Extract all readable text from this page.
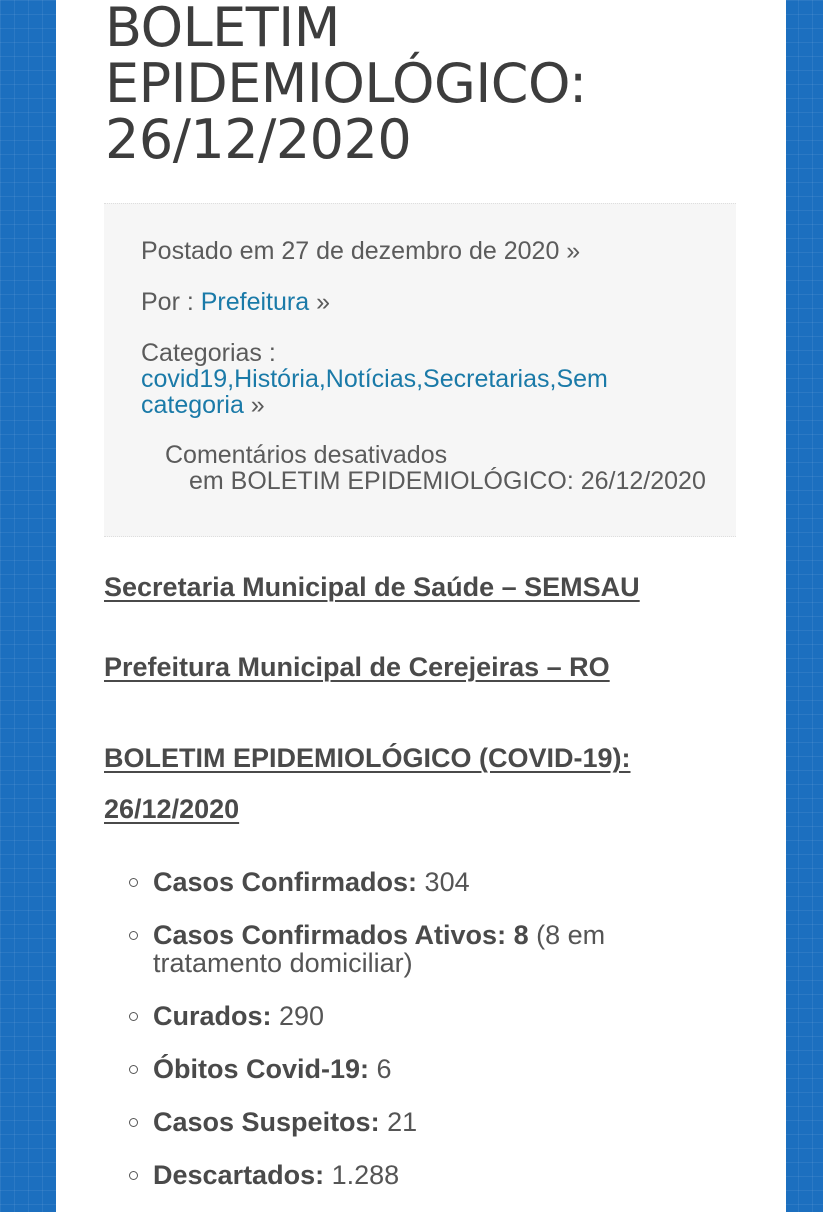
BOLETIM
EPIDEMIOLÓGICO:
26/12/2020
Postado em 27 de dezembro de 2020 »
Por : Prefeitura »
Categorias :
covid19,História,Notícias,Secretarias,Sem
categoria »
Comentários desativados
em BOLETIM EPIDEMIOLÓGICO: 26/12/2020

Secretaria Municipal de Saúde – SEMSAU

Prefeitura Municipal de Cerejeiras – RO

BOLETIM EPIDEMIOLÓGICO (COVID-19):
26/12/2020

Casos Confirmados: 304
Casos Confirmados Ativos: 8 (8 em
tratamento domiciliar)
Curados: 290
Óbitos Covid-19: 6
Casos Suspeitos: 21
Descartados: 1.288
